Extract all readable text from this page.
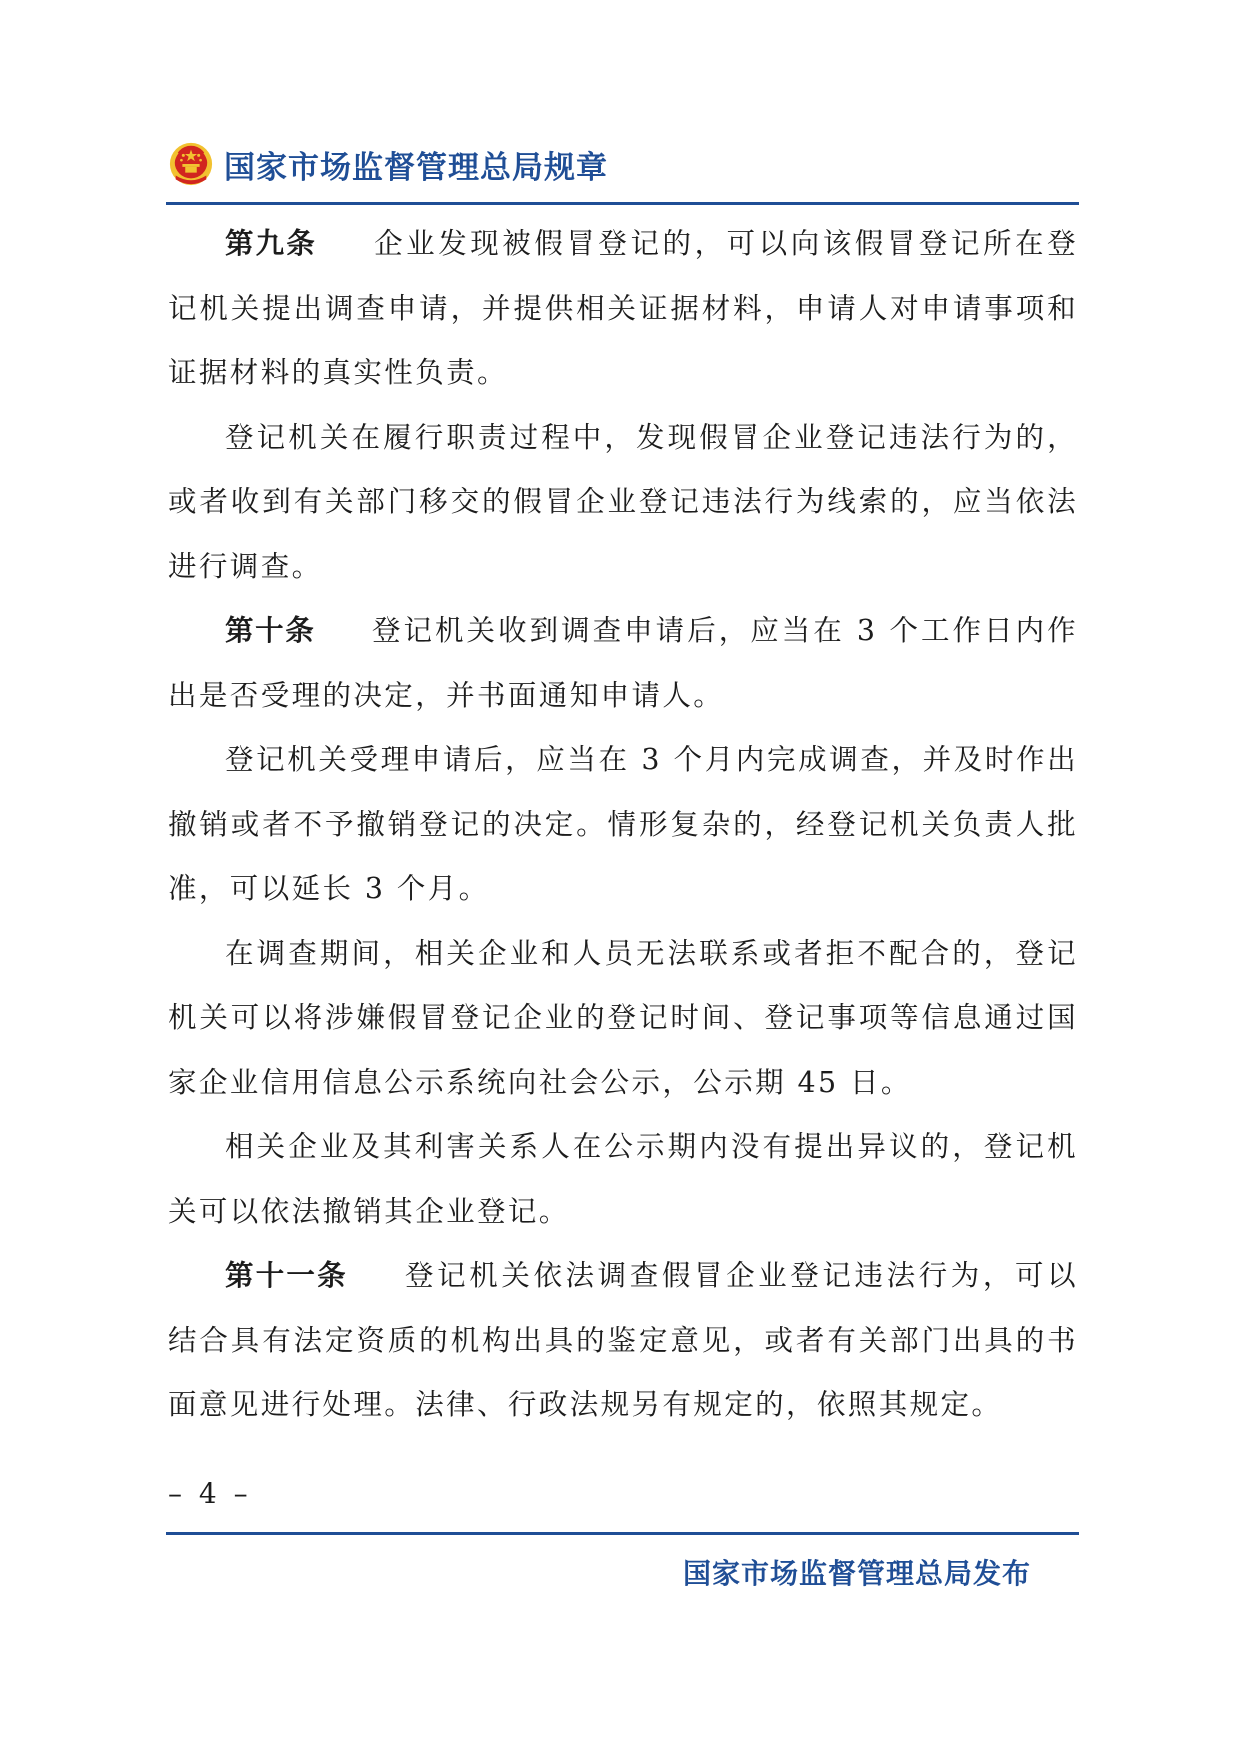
国家市场监督管理总局规章

第九条 企业发现被假冒登记的，可以向该假冒登记所在登记机关提出调查申请，并提供相关证据材料，申请人对申请事项和证据材料的真实性负责。

登记机关在履行职责过程中，发现假冒企业登记违法行为的，或者收到有关部门移交的假冒企业登记违法行为线索的，应当依法进行调查。

第十条 登记机关收到调查申请后，应当在 3 个工作日内作出是否受理的决定，并书面通知申请人。

登记机关受理申请后，应当在 3 个月内完成调查，并及时作出撤销或者不予撤销登记的决定。情形复杂的，经登记机关负责人批准，可以延长 3 个月。

在调查期间，相关企业和人员无法联系或者拒不配合的，登记机关可以将涉嫌假冒登记企业的登记时间、登记事项等信息通过国家企业信用信息公示系统向社会公示，公示期 45 日。

相关企业及其利害关系人在公示期内没有提出异议的，登记机关可以依法撤销其企业登记。

第十一条 登记机关依法调查假冒企业登记违法行为，可以结合具有法定资质的机构出具的鉴定意见，或者有关部门出具的书面意见进行处理。法律、行政法规另有规定的，依照其规定。

– 4 –
国家市场监督管理总局发布
